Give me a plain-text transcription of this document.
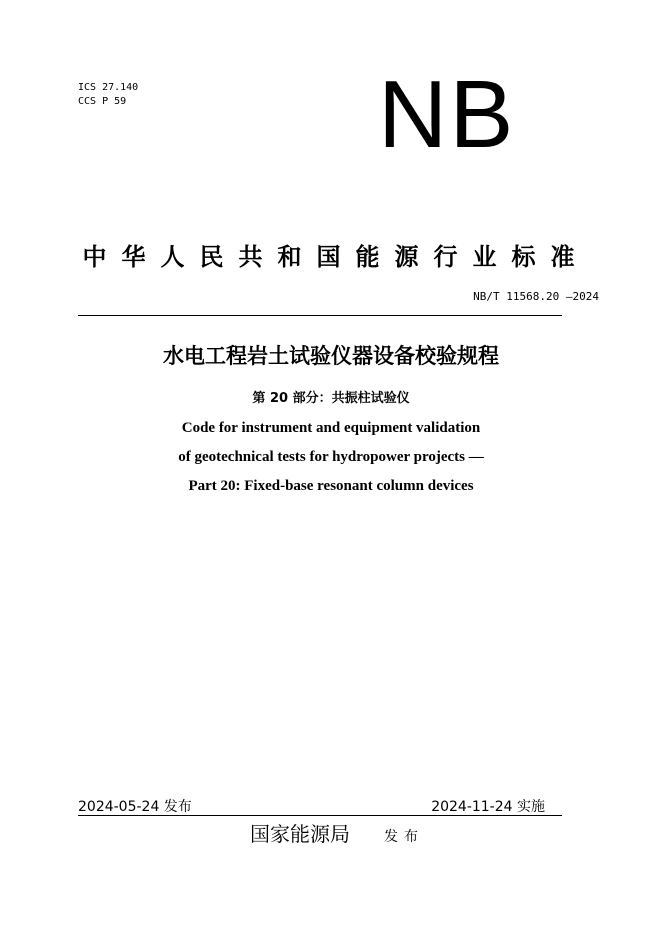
ICS 27.140
CCS P 59	NB
中华人民共和国能源行业标准
NB/T 11568.20 —2024
水电工程岩土试验仪器设备校验规程
第 20 部分：共振柱试验仪
Code for instrument and equipment validation
of geotechnical tests for hydropower projects —
Part 20: Fixed-base resonant column devices
2024-05-24 发布	2024-11-24 实施
国家能源局 发布
